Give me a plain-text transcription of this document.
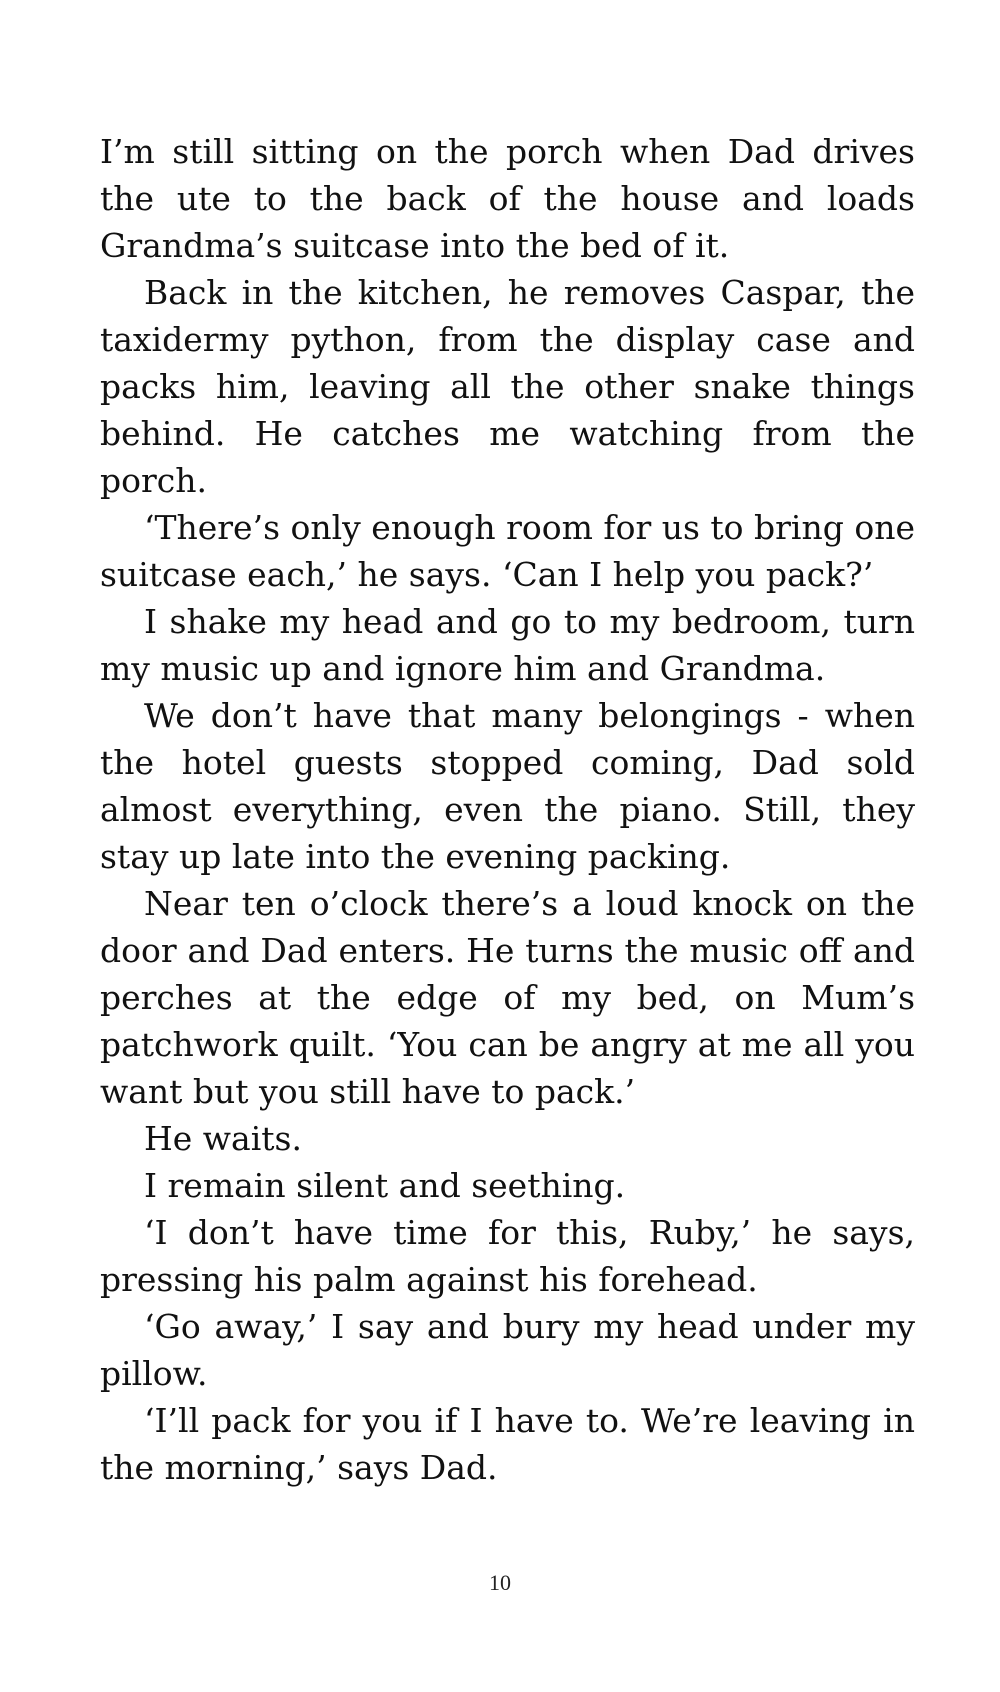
I’m still sitting on the porch when Dad drives the ute to the back of the house and loads Grandma’s suitcase into the bed of it.

Back in the kitchen, he removes Caspar, the taxidermy python, from the display case and packs him, leaving all the other snake things behind. He catches me watching from the porch.

‘There’s only enough room for us to bring one suitcase each,’ he says. ‘Can I help you pack?’

I shake my head and go to my bedroom, turn my music up and ignore him and Grandma.

We don’t have that many belongings - when the hotel guests stopped coming, Dad sold almost everything, even the piano. Still, they stay up late into the evening packing.

Near ten o’clock there’s a loud knock on the door and Dad enters. He turns the music off and perches at the edge of my bed, on Mum’s patchwork quilt. ‘You can be angry at me all you want but you still have to pack.’

He waits.

I remain silent and seething.

‘I don’t have time for this, Ruby,’ he says, pressing his palm against his forehead.

‘Go away,’ I say and bury my head under my pillow.

‘I’ll pack for you if I have to. We’re leaving in the morning,’ says Dad.

10
